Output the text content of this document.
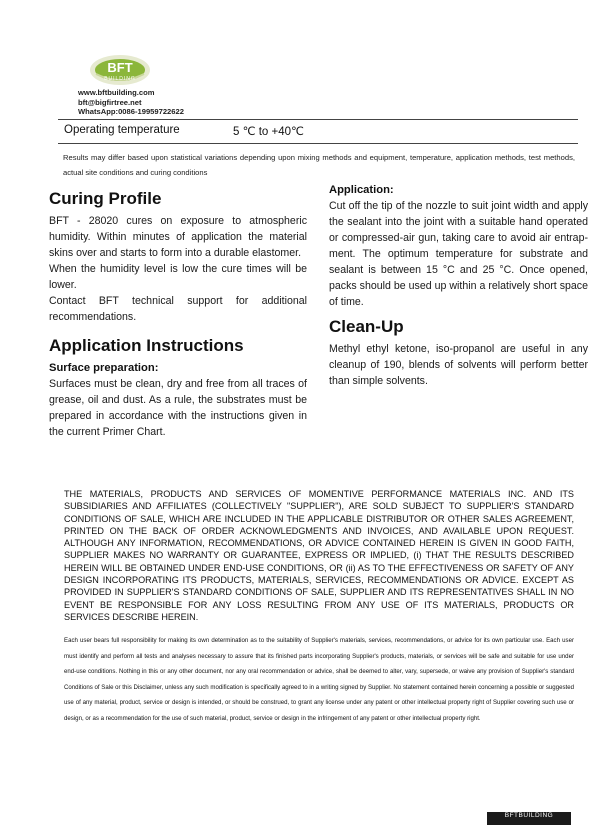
BFT
BUILDING
www.bftbuilding.com
bft@bigfirtree.net
WhatsApp:0086-19959722622
Operating temperature	5 ℃ to +40℃
Results may differ based upon statistical variations depending upon mixing methods and equipment, temperature, application methods, test methods, actual site conditions and curing conditions
Curing Profile

BFT - 28020 cures on exposure to atmospheric humidity. Within minutes of application the material skins over and starts to form into a durable elastomer.

When the humidity level is low the cure times will be lower.

Contact BFT technical support for additional recommendations.

Application Instructions
Surface preparation:

Surfaces must be clean, dry and free from all traces of grease, oil and dust. As a rule, the substrates must be prepared in accordance with the instructions given in the current Primer Chart.

Application:

Cut off the tip of the nozzle to suit joint width and apply the sealant into the joint with a suitable hand operated or compressed-air gun, taking care to avoid air entrap-ment. The optimum temperature for substrate and sealant is between 15 °C and 25 °C. Once opened, packs should be used up within a relatively short space of time.

Clean-Up

Methyl ethyl ketone, iso-propanol are useful in any cleanup of 190, blends of solvents will perform better than simple solvents.

THE MATERIALS, PRODUCTS AND SERVICES OF MOMENTIVE PERFORMANCE MATERIALS INC. AND ITS SUBSIDIARIES AND AFFILIATES (COLLECTIVELY "SUPPLIER"), ARE SOLD SUBJECT TO SUPPLIER'S STANDARD CONDITIONS OF SALE, WHICH ARE INCLUDED IN THE APPLICABLE DISTRIBUTOR OR OTHER SALES AGREEMENT, PRINTED ON THE BACK OF ORDER ACKNOWLEDGMENTS AND INVOICES, AND AVAILABLE UPON REQUEST. ALTHOUGH ANY INFORMATION, RECOMMENDATIONS, OR ADVICE CONTAINED HEREIN IS GIVEN IN GOOD FAITH, SUPPLIER MAKES NO WARRANTY OR GUARANTEE, EXPRESS OR IMPLIED, (i) THAT THE RESULTS DESCRIBED HEREIN WILL BE OBTAINED UNDER END-USE CONDITIONS, OR (ii) AS TO THE EFFECTIVENESS OR SAFETY OF ANY DESIGN INCORPORATING ITS PRODUCTS, MATERIALS, SERVICES, RECOMMENDATIONS OR ADVICE. EXCEPT AS PROVIDED IN SUPPLIER'S STANDARD CONDITIONS OF SALE, SUPPLIER AND ITS REPRESENTATIVES SHALL IN NO EVENT BE RESPONSIBLE FOR ANY LOSS RESULTING FROM ANY USE OF ITS MATERIALS, PRODUCTS OR SERVICES DESCRIBE HEREIN.
Each user bears full responsibility for making its own determination as to the suitability of Supplier's materials, services, recommendations, or advice for its own particular use. Each user must identify and perform all tests and analyses necessary to assure that its finished parts incorporating Supplier's products, materials, or services will be safe and suitable for use under end-use conditions. Nothing in this or any other document, nor any oral recommendation or advice, shall be deemed to alter, vary, supersede, or waive any provision of Supplier's standard Conditions of Sale or this Disclaimer, unless any such modification is specifically agreed to in a writing signed by Supplier. No statement contained herein concerning a possible or suggested use of any material, product, service or design is intended, or should be construed, to grant any license under any patent or other intellectual property right of Supplier covering such use or design, or as a recommendation for the use of such material, product, service or design in the infringement of any patent or other intellectual property right.
BFTBUILDING
